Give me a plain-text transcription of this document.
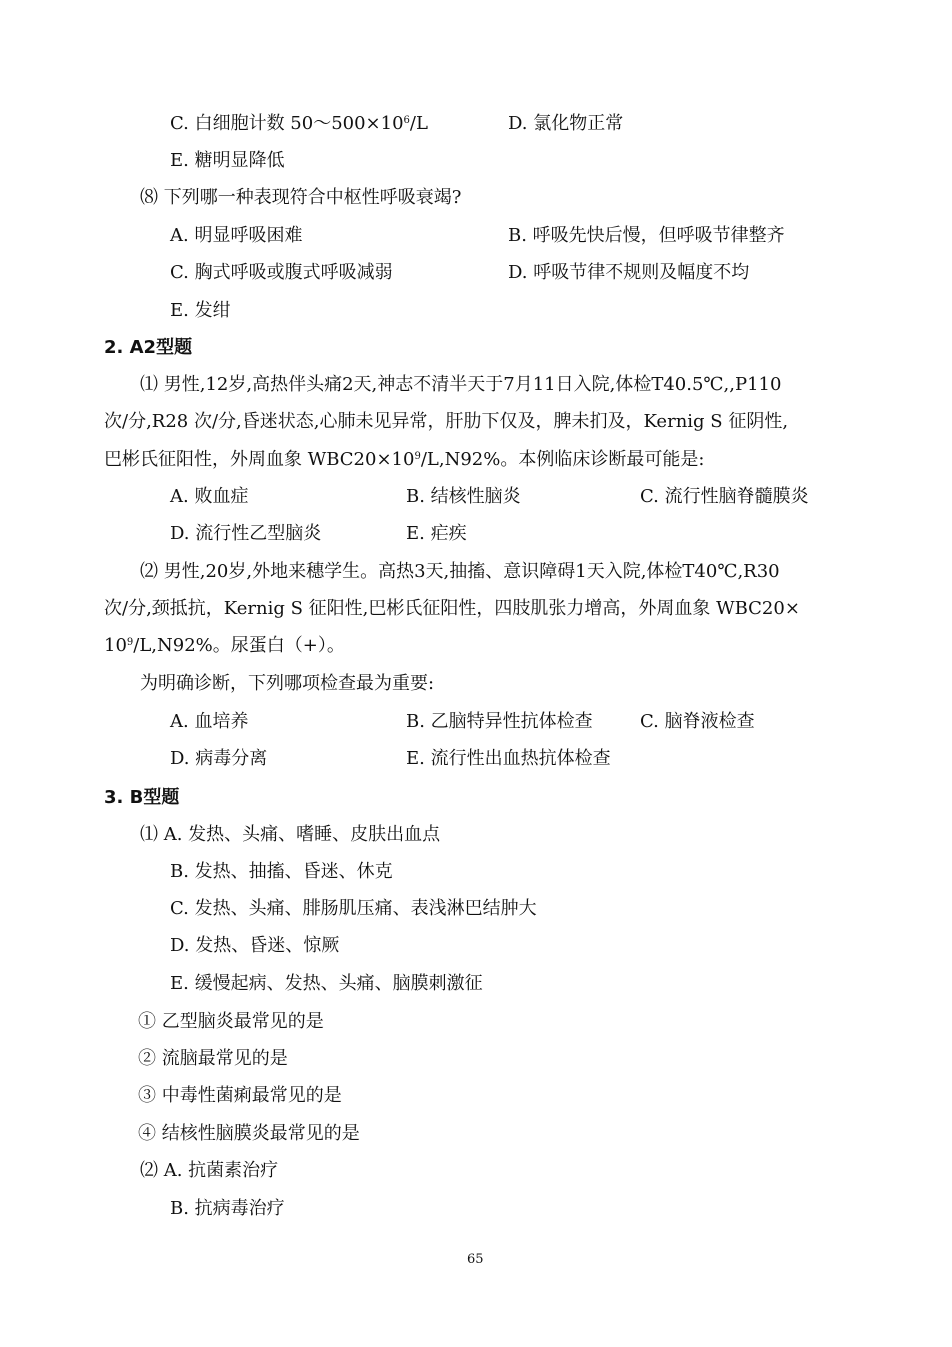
C. 白细胞计数 $50\sim 500\times 10^6/L$	D. 氯化物正常
E. 糖明显降低
⑻ 下列哪一种表现符合中枢性呼吸衰竭?
A. 明显呼吸困难	B. 呼吸先快后慢，但呼吸节律整齐
C. 胸式呼吸或腹式呼吸减弱	D. 呼吸节律不规则及幅度不均
E. 发绀
2. A2型题
⑴ 男性,12岁,高热伴头痛2天,神志不清半天于7月11日入院,体检T40.5℃,,P110
次/分,R28 次/分,昏迷状态,心肺未见异常，肝肋下仅及，脾未扪及，Kernig S 征阴性,
巴彬氏征阳性，外周血象 $WBC20\times 10^9/L,N92\%$。本例临床诊断最可能是:
A. 败血症	B. 结核性脑炎	C. 流行性脑脊髓膜炎
D. 流行性乙型脑炎	E. 疟疾
⑵ 男性,20岁,外地来穗学生。高热3天,抽搐、意识障碍1天入院,体检T40℃,R30
次/分,颈抵抗，Kernig S 征阳性,巴彬氏征阳性，四肢肌张力增高，外周血象 WBC20×
$10^9/L,N92\%$。尿蛋白（+）。
为明确诊断，下列哪项检查最为重要:
A. 血培养	B. 乙脑特异性抗体检查	C. 脑脊液检查
D. 病毒分离	E. 流行性出血热抗体检查
3. B型题
⑴ A. 发热、头痛、嗜睡、皮肤出血点
B. 发热、抽搐、昏迷、休克
C. 发热、头痛、腓肠肌压痛、表浅淋巴结肿大
D. 发热、昏迷、惊厥
E. 缓慢起病、发热、头痛、脑膜刺激征
① 乙型脑炎最常见的是
② 流脑最常见的是
③ 中毒性菌痢最常见的是
④ 结核性脑膜炎最常见的是
⑵ A. 抗菌素治疗
B. 抗病毒治疗
65
